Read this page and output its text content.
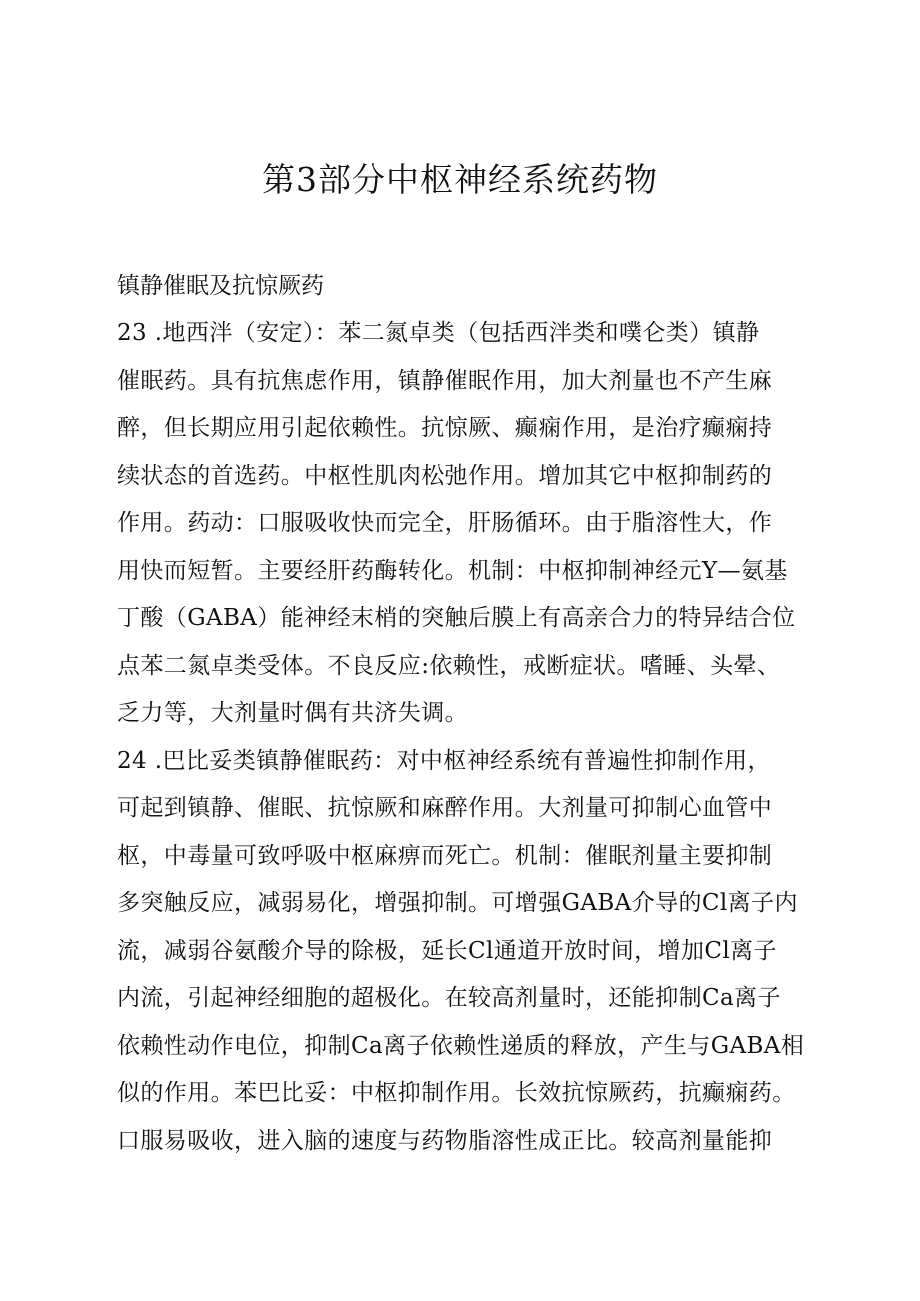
第3部分中枢神经系统药物
镇静催眠及抗惊厥药
23 .地西泮（安定）：苯二氮卓类（包括西泮类和噗仑类）镇静
催眠药。具有抗焦虑作用，镇静催眠作用，加大剂量也不产生麻
醉，但长期应用引起依赖性。抗惊厥、癫痫作用，是治疗癫痫持
续状态的首选药。中枢性肌肉松弛作用。增加其它中枢抑制药的
作用。药动：口服吸收快而完全，肝肠循环。由于脂溶性大，作
用快而短暂。主要经肝药酶转化。机制：中枢抑制神经元Y—氨基
丁酸（GABA）能神经末梢的突触后膜上有高亲合力的特异结合位
点苯二氮卓类受体。不良反应:依赖性，戒断症状。嗜睡、头晕、
乏力等，大剂量时偶有共济失调。
24 .巴比妥类镇静催眠药：对中枢神经系统有普遍性抑制作用，
可起到镇静、催眠、抗惊厥和麻醉作用。大剂量可抑制心血管中
枢，中毒量可致呼吸中枢麻痹而死亡。机制：催眠剂量主要抑制
多突触反应，减弱易化，增强抑制。可增强GABA介导的Cl离子内
流，减弱谷氨酸介导的除极，延长Cl通道开放时间，增加Cl离子
内流，引起神经细胞的超极化。在较高剂量时，还能抑制Ca离子
依赖性动作电位，抑制Ca离子依赖性递质的释放，产生与GABA相
似的作用。苯巴比妥：中枢抑制作用。长效抗惊厥药，抗癫痫药。
口服易吸收，进入脑的速度与药物脂溶性成正比。较高剂量能抑
